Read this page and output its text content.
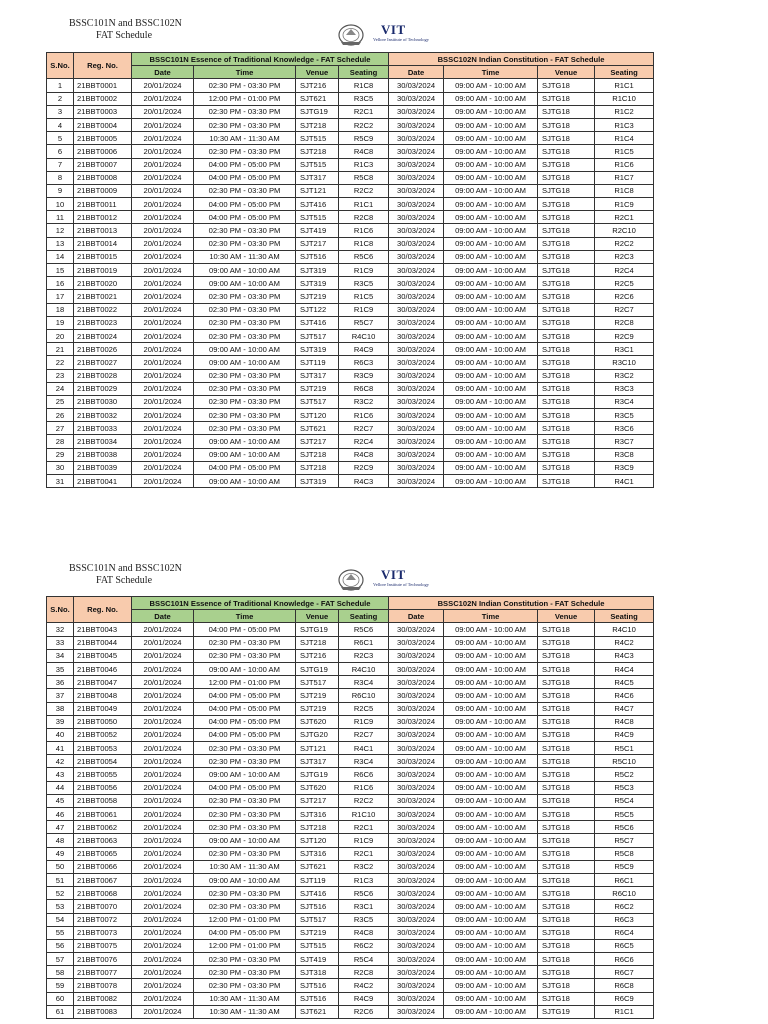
BSSC101N and BSSC102N
FAT Schedule	VIT
Vellore Institute of Technology
S.No.	Reg. No.	BSSC101N Essence of Traditional Knowledge - FAT Schedule				BSSC102N Indian Constitution - FAT Schedule			
		Date	Time	Venue	Seating	Date	Time	Venue	Seating
1	21BBT0001	20/01/2024	02:30 PM - 03:30 PM	SJT216	R1C8	30/03/2024	09:00 AM - 10:00 AM	SJTG18	R1C1
2	21BBT0002	20/01/2024	12:00 PM - 01:00 PM	SJT621	R3C5	30/03/2024	09:00 AM - 10:00 AM	SJTG18	R1C10
3	21BBT0003	20/01/2024	02:30 PM - 03:30 PM	SJTG19	R2C1	30/03/2024	09:00 AM - 10:00 AM	SJTG18	R1C2
4	21BBT0004	20/01/2024	02:30 PM - 03:30 PM	SJT218	R2C2	30/03/2024	09:00 AM - 10:00 AM	SJTG18	R1C3
5	21BBT0005	20/01/2024	10:30 AM - 11:30 AM	SJT515	R5C9	30/03/2024	09:00 AM - 10:00 AM	SJTG18	R1C4
6	21BBT0006	20/01/2024	02:30 PM - 03:30 PM	SJT218	R4C8	30/03/2024	09:00 AM - 10:00 AM	SJTG18	R1C5
7	21BBT0007	20/01/2024	04:00 PM - 05:00 PM	SJT515	R1C3	30/03/2024	09:00 AM - 10:00 AM	SJTG18	R1C6
8	21BBT0008	20/01/2024	04:00 PM - 05:00 PM	SJT317	R5C8	30/03/2024	09:00 AM - 10:00 AM	SJTG18	R1C7
9	21BBT0009	20/01/2024	02:30 PM - 03:30 PM	SJT121	R2C2	30/03/2024	09:00 AM - 10:00 AM	SJTG18	R1C8
10	21BBT0011	20/01/2024	04:00 PM - 05:00 PM	SJT416	R1C1	30/03/2024	09:00 AM - 10:00 AM	SJTG18	R1C9
11	21BBT0012	20/01/2024	04:00 PM - 05:00 PM	SJT515	R2C8	30/03/2024	09:00 AM - 10:00 AM	SJTG18	R2C1
12	21BBT0013	20/01/2024	02:30 PM - 03:30 PM	SJT419	R1C6	30/03/2024	09:00 AM - 10:00 AM	SJTG18	R2C10
13	21BBT0014	20/01/2024	02:30 PM - 03:30 PM	SJT217	R1C8	30/03/2024	09:00 AM - 10:00 AM	SJTG18	R2C2
14	21BBT0015	20/01/2024	10:30 AM - 11:30 AM	SJT516	R5C6	30/03/2024	09:00 AM - 10:00 AM	SJTG18	R2C3
15	21BBT0019	20/01/2024	09:00 AM - 10:00 AM	SJT319	R1C9	30/03/2024	09:00 AM - 10:00 AM	SJTG18	R2C4
16	21BBT0020	20/01/2024	09:00 AM - 10:00 AM	SJT319	R3C5	30/03/2024	09:00 AM - 10:00 AM	SJTG18	R2C5
17	21BBT0021	20/01/2024	02:30 PM - 03:30 PM	SJT219	R1C5	30/03/2024	09:00 AM - 10:00 AM	SJTG18	R2C6
18	21BBT0022	20/01/2024	02:30 PM - 03:30 PM	SJT122	R1C9	30/03/2024	09:00 AM - 10:00 AM	SJTG18	R2C7
19	21BBT0023	20/01/2024	02:30 PM - 03:30 PM	SJT416	R5C7	30/03/2024	09:00 AM - 10:00 AM	SJTG18	R2C8
20	21BBT0024	20/01/2024	02:30 PM - 03:30 PM	SJT517	R4C10	30/03/2024	09:00 AM - 10:00 AM	SJTG18	R2C9
21	21BBT0026	20/01/2024	09:00 AM - 10:00 AM	SJT319	R4C9	30/03/2024	09:00 AM - 10:00 AM	SJTG18	R3C1
22	21BBT0027	20/01/2024	09:00 AM - 10:00 AM	SJT119	R6C3	30/03/2024	09:00 AM - 10:00 AM	SJTG18	R3C10
23	21BBT0028	20/01/2024	02:30 PM - 03:30 PM	SJT317	R3C9	30/03/2024	09:00 AM - 10:00 AM	SJTG18	R3C2
24	21BBT0029	20/01/2024	02:30 PM - 03:30 PM	SJT219	R6C8	30/03/2024	09:00 AM - 10:00 AM	SJTG18	R3C3
25	21BBT0030	20/01/2024	02:30 PM - 03:30 PM	SJT517	R3C2	30/03/2024	09:00 AM - 10:00 AM	SJTG18	R3C4
26	21BBT0032	20/01/2024	02:30 PM - 03:30 PM	SJT120	R1C6	30/03/2024	09:00 AM - 10:00 AM	SJTG18	R3C5
27	21BBT0033	20/01/2024	02:30 PM - 03:30 PM	SJT621	R2C7	30/03/2024	09:00 AM - 10:00 AM	SJTG18	R3C6
28	21BBT0034	20/01/2024	09:00 AM - 10:00 AM	SJT217	R2C4	30/03/2024	09:00 AM - 10:00 AM	SJTG18	R3C7
29	21BBT0038	20/01/2024	09:00 AM - 10:00 AM	SJT218	R4C8	30/03/2024	09:00 AM - 10:00 AM	SJTG18	R3C8
30	21BBT0039	20/01/2024	04:00 PM - 05:00 PM	SJT218	R2C9	30/03/2024	09:00 AM - 10:00 AM	SJTG18	R3C9
31	21BBT0041	20/01/2024	09:00 AM - 10:00 AM	SJT319	R4C3	30/03/2024	09:00 AM - 10:00 AM	SJTG18	R4C1
BSSC101N and BSSC102N
FAT Schedule	VIT
Vellore Institute of Technology
S.No.	Reg. No.	BSSC101N Essence of Traditional Knowledge - FAT Schedule				BSSC102N Indian Constitution - FAT Schedule			
		Date	Time	Venue	Seating	Date	Time	Venue	Seating
32	21BBT0043	20/01/2024	04:00 PM - 05:00 PM	SJTG19	R5C6	30/03/2024	09:00 AM - 10:00 AM	SJTG18	R4C10
33	21BBT0044	20/01/2024	02:30 PM - 03:30 PM	SJT218	R6C1	30/03/2024	09:00 AM - 10:00 AM	SJTG18	R4C2
34	21BBT0045	20/01/2024	02:30 PM - 03:30 PM	SJT216	R2C3	30/03/2024	09:00 AM - 10:00 AM	SJTG18	R4C3
35	21BBT0046	20/01/2024	09:00 AM - 10:00 AM	SJTG19	R4C10	30/03/2024	09:00 AM - 10:00 AM	SJTG18	R4C4
36	21BBT0047	20/01/2024	12:00 PM - 01:00 PM	SJT517	R3C4	30/03/2024	09:00 AM - 10:00 AM	SJTG18	R4C5
37	21BBT0048	20/01/2024	04:00 PM - 05:00 PM	SJT219	R6C10	30/03/2024	09:00 AM - 10:00 AM	SJTG18	R4C6
38	21BBT0049	20/01/2024	04:00 PM - 05:00 PM	SJT219	R2C5	30/03/2024	09:00 AM - 10:00 AM	SJTG18	R4C7
39	21BBT0050	20/01/2024	04:00 PM - 05:00 PM	SJT620	R1C9	30/03/2024	09:00 AM - 10:00 AM	SJTG18	R4C8
40	21BBT0052	20/01/2024	04:00 PM - 05:00 PM	SJTG20	R2C7	30/03/2024	09:00 AM - 10:00 AM	SJTG18	R4C9
41	21BBT0053	20/01/2024	02:30 PM - 03:30 PM	SJT121	R4C1	30/03/2024	09:00 AM - 10:00 AM	SJTG18	R5C1
42	21BBT0054	20/01/2024	02:30 PM - 03:30 PM	SJT317	R3C4	30/03/2024	09:00 AM - 10:00 AM	SJTG18	R5C10
43	21BBT0055	20/01/2024	09:00 AM - 10:00 AM	SJTG19	R6C6	30/03/2024	09:00 AM - 10:00 AM	SJTG18	R5C2
44	21BBT0056	20/01/2024	04:00 PM - 05:00 PM	SJT620	R1C6	30/03/2024	09:00 AM - 10:00 AM	SJTG18	R5C3
45	21BBT0058	20/01/2024	02:30 PM - 03:30 PM	SJT217	R2C2	30/03/2024	09:00 AM - 10:00 AM	SJTG18	R5C4
46	21BBT0061	20/01/2024	02:30 PM - 03:30 PM	SJT316	R1C10	30/03/2024	09:00 AM - 10:00 AM	SJTG18	R5C5
47	21BBT0062	20/01/2024	02:30 PM - 03:30 PM	SJT218	R2C1	30/03/2024	09:00 AM - 10:00 AM	SJTG18	R5C6
48	21BBT0063	20/01/2024	09:00 AM - 10:00 AM	SJT120	R1C9	30/03/2024	09:00 AM - 10:00 AM	SJTG18	R5C7
49	21BBT0065	20/01/2024	02:30 PM - 03:30 PM	SJT316	R2C1	30/03/2024	09:00 AM - 10:00 AM	SJTG18	R5C8
50	21BBT0066	20/01/2024	10:30 AM - 11:30 AM	SJT621	R3C2	30/03/2024	09:00 AM - 10:00 AM	SJTG18	R5C9
51	21BBT0067	20/01/2024	09:00 AM - 10:00 AM	SJT119	R1C3	30/03/2024	09:00 AM - 10:00 AM	SJTG18	R6C1
52	21BBT0068	20/01/2024	02:30 PM - 03:30 PM	SJT416	R5C6	30/03/2024	09:00 AM - 10:00 AM	SJTG18	R6C10
53	21BBT0070	20/01/2024	02:30 PM - 03:30 PM	SJT516	R3C1	30/03/2024	09:00 AM - 10:00 AM	SJTG18	R6C2
54	21BBT0072	20/01/2024	12:00 PM - 01:00 PM	SJT517	R3C5	30/03/2024	09:00 AM - 10:00 AM	SJTG18	R6C3
55	21BBT0073	20/01/2024	04:00 PM - 05:00 PM	SJT219	R4C8	30/03/2024	09:00 AM - 10:00 AM	SJTG18	R6C4
56	21BBT0075	20/01/2024	12:00 PM - 01:00 PM	SJT515	R6C2	30/03/2024	09:00 AM - 10:00 AM	SJTG18	R6C5
57	21BBT0076	20/01/2024	02:30 PM - 03:30 PM	SJT419	R5C4	30/03/2024	09:00 AM - 10:00 AM	SJTG18	R6C6
58	21BBT0077	20/01/2024	02:30 PM - 03:30 PM	SJT318	R2C8	30/03/2024	09:00 AM - 10:00 AM	SJTG18	R6C7
59	21BBT0078	20/01/2024	02:30 PM - 03:30 PM	SJT516	R4C2	30/03/2024	09:00 AM - 10:00 AM	SJTG18	R6C8
60	21BBT0082	20/01/2024	10:30 AM - 11:30 AM	SJT516	R4C9	30/03/2024	09:00 AM - 10:00 AM	SJTG18	R6C9
61	21BBT0083	20/01/2024	10:30 AM - 11:30 AM	SJT621	R2C6	30/03/2024	09:00 AM - 10:00 AM	SJTG19	R1C1
